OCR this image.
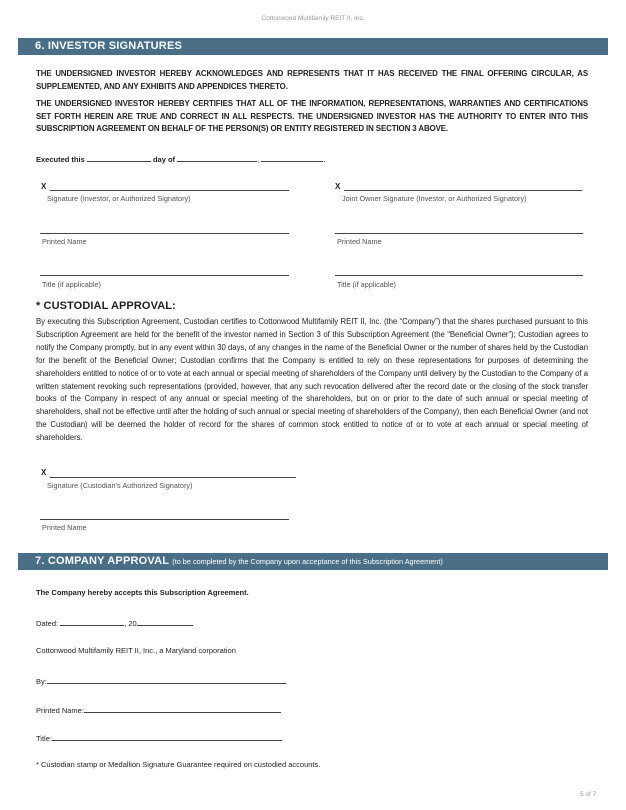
Cottonwood Multifamily REIT II, Inc.
6. INVESTOR SIGNATURES
THE UNDERSIGNED INVESTOR HEREBY ACKNOWLEDGES AND REPRESENTS THAT IT HAS RECEIVED THE FINAL OFFERING CIRCULAR, AS SUPPLEMENTED, AND ANY EXHIBITS AND APPENDICES THERETO.
THE UNDERSIGNED INVESTOR HEREBY CERTIFIES THAT ALL OF THE INFORMATION, REPRESENTATIONS, WARRANTIES AND CERTIFICATIONS SET FORTH HEREIN ARE TRUE AND CORRECT IN ALL RESPECTS. THE UNDERSIGNED INVESTOR HAS THE AUTHORITY TO ENTER INTO THIS SUBSCRIPTION AGREEMENT ON BEHALF OF THE PERSON(S) OR ENTITY REGISTERED IN SECTION 3 ABOVE.
Executed this	day of	,	.
X
Signature (Investor, or Authorized Signatory)
X
Joint Owner Signature (Investor, or Authorized Signatory)
Printed Name	Printed Name
Title (if applicable)	Title (if applicable)
* CUSTODIAL APPROVAL:
By executing this Subscription Agreement, Custodian certifies to Cottonwood Multifamily REIT II, Inc. (the “Company”) that the shares purchased pursuant to this Subscription Agreement are held for the benefit of the investor named in Section 3 of this Subscription Agreement (the “Beneficial Owner”); Custodian agrees to notify the Company promptly, but in any event within 30 days, of any changes in the name of the Beneficial Owner or the number of shares held by the Custodian for the benefit of the Beneficial Owner; Custodian confirms that the Company is entitled to rely on these representations for purposes of determining the shareholders entitled to notice of or to vote at each annual or special meeting of shareholders of the Company until delivery by the Custodian to the Company of a written statement revoking such representations (provided, however, that any such revocation delivered after the record date or the closing of the stock transfer books of the Company in respect of any annual or special meeting of the shareholders, but on or prior to the date of such annual or special meeting of shareholders, shall not be effective until after the holding of such annual or special meeting of shareholders of the Company), then each Beneficial Owner (and not the Custodian) will be deemed the holder of record for the shares of common stock entitled to notice of or to vote at each annual or special meeting of shareholders.
X
Signature (Custodian’s Authorized Signatory)
Printed Name
7. COMPANY APPROVAL (to be completed by the Company upon acceptance of this Subscription Agreement)
The Company hereby accepts this Subscription Agreement.
Dated:	, 20
Cottonwood Multifamily REIT II, Inc., a Maryland corporation
By:
Printed Name:
Title:
* Custodian stamp or Medallion Signature Guarantee required on custodied accounts.
5 of 7
